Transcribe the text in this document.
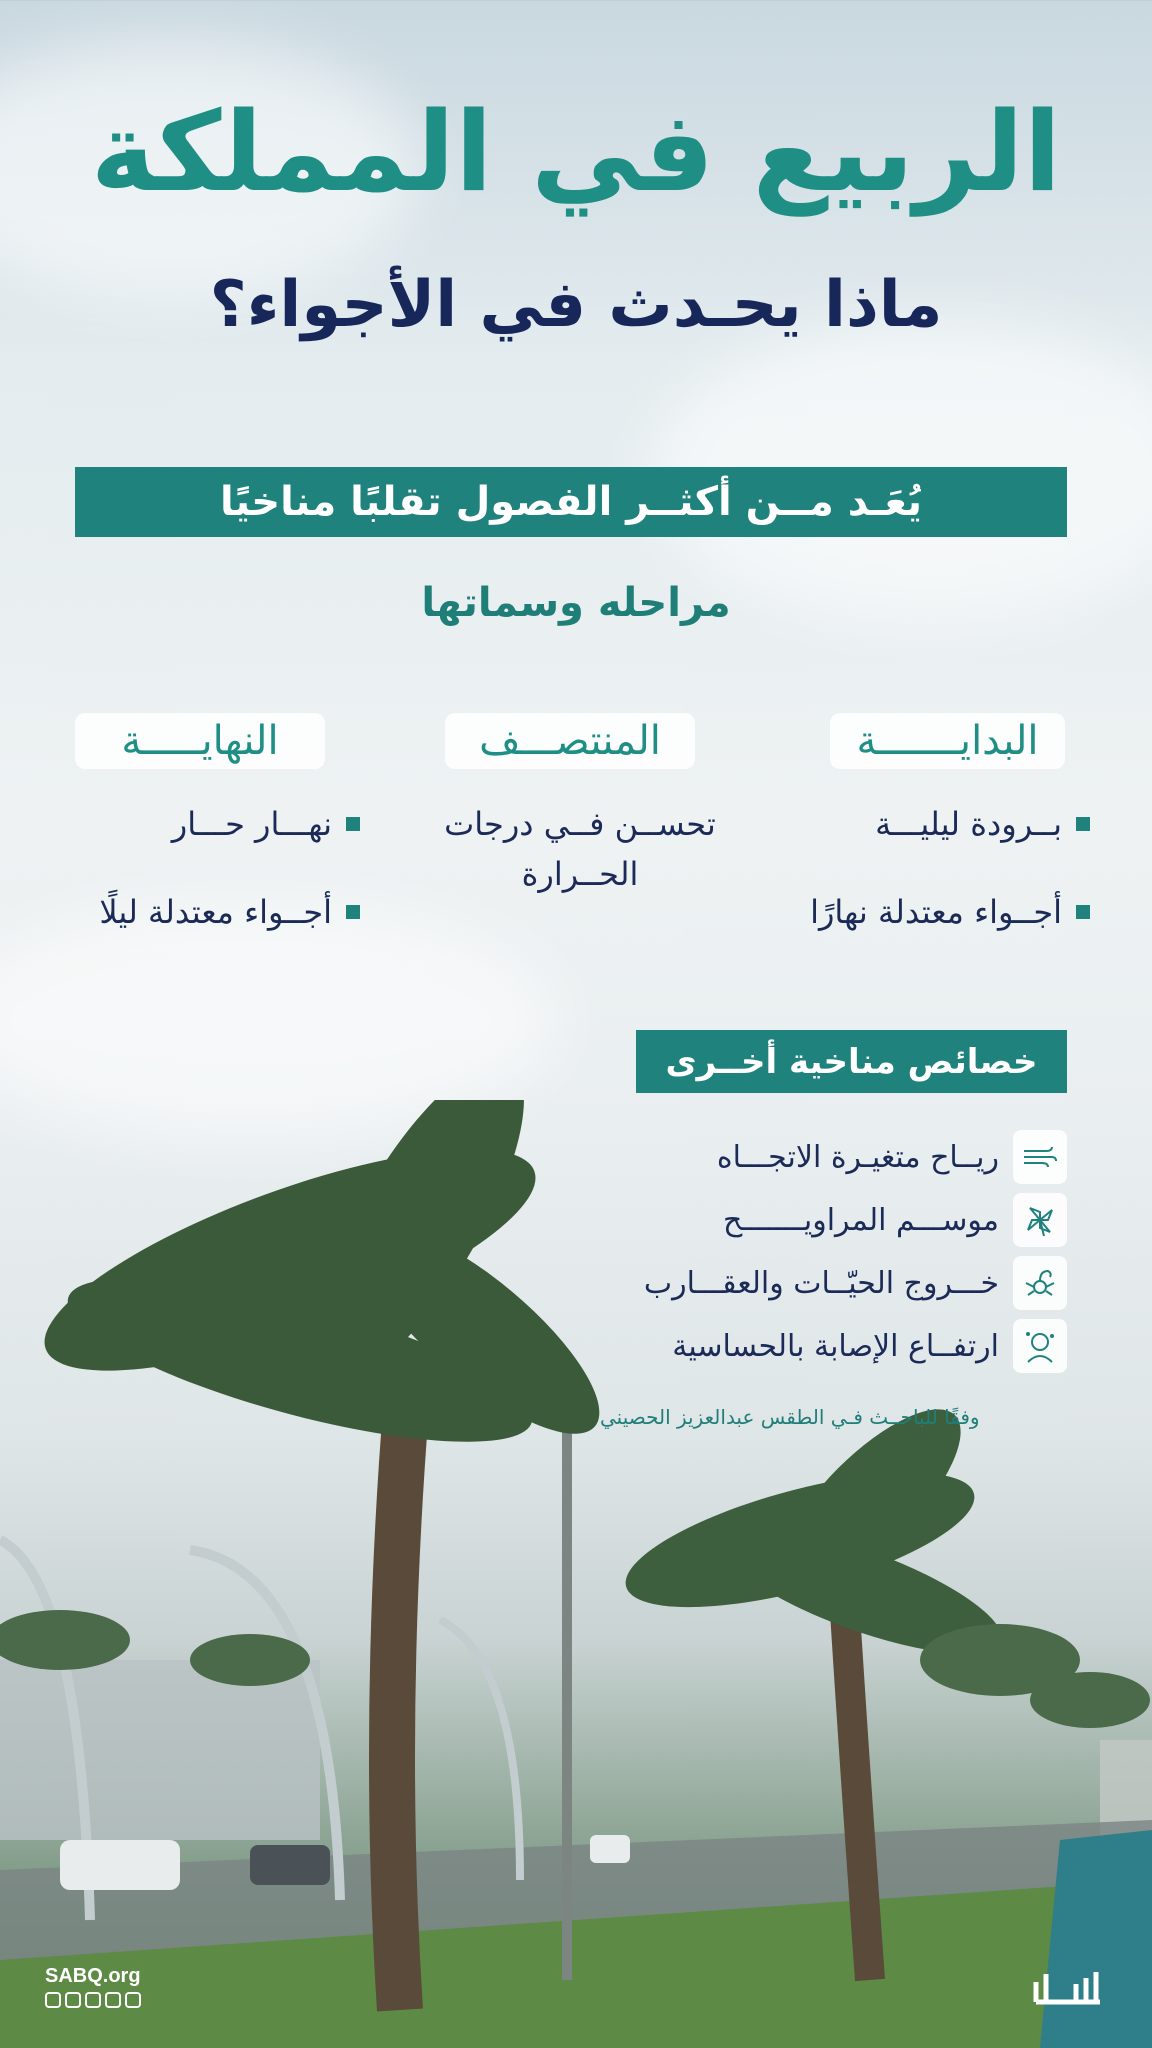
الربيع في المملكة
ماذا يحـدث في الأجواء؟
يُعَـد مــن أكثــر الفصول تقلبًا مناخيًا
مراحله وسماتها
البدايـــــــة
بــرودة ليليـــة
أجــواء معتدلة نهارًا
المنتصـــف
تحســن فــي درجات الحــرارة
النهايـــــة
نهـــار حـــار
أجــواء معتدلة ليلًا
خصائص مناخية أخــرى
ريــاح متغيـرة الاتجـــاه
موســـم المراويـــــــح
خـــروج الحيّــات والعقـــارب
ارتفــاع الإصابة بالحساسية
وفقًا للباحــث فـي الطقس عبدالعزيز الحصيني
SABQ.org
